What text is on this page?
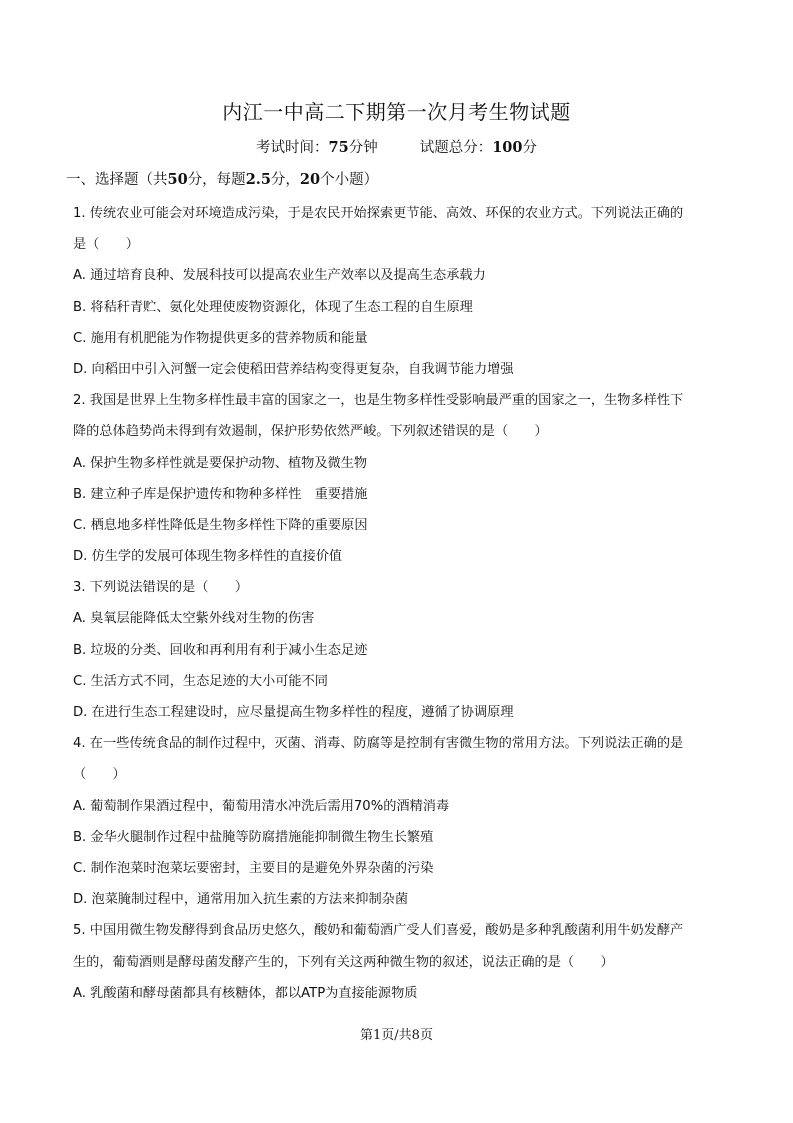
内江一中高二下期第一次月考生物试题
考试时间：75分钟	试题总分：100分
一、选择题（共50分，每题2.5分，20个小题）
1. 传统农业可能会对环境造成污染，于是农民开始探索更节能、高效、环保的农业方式。下列说法正确的
是（　　）
A. 通过培育良种、发展科技可以提高农业生产效率以及提高生态承载力
B. 将秸秆青贮、氨化处理使废物资源化，体现了生态工程的自生原理
C. 施用有机肥能为作物提供更多的营养物质和能量
D. 向稻田中引入河蟹一定会使稻田营养结构变得更复杂，自我调节能力增强
2. 我国是世界上生物多样性最丰富的国家之一，也是生物多样性受影响最严重的国家之一，生物多样性下
降的总体趋势尚未得到有效遏制，保护形势依然严峻。下列叙述错误的是（　　）
A. 保护生物多样性就是要保护动物、植物及微生物
B. 建立种子库是保护遗传和物种多样性　重要措施
C. 栖息地多样性降低是生物多样性下降的重要原因
D. 仿生学的发展可体现生物多样性的直接价值
3. 下列说法错误的是（　　）
A. 臭氧层能降低太空紫外线对生物的伤害
B. 垃圾的分类、回收和再利用有利于减小生态足迹
C. 生活方式不同，生态足迹的大小可能不同
D. 在进行生态工程建设时，应尽量提高生物多样性的程度，遵循了协调原理
4. 在一些传统食品的制作过程中，灭菌、消毒、防腐等是控制有害微生物的常用方法。下列说法正确的是
（　　）
A. 葡萄制作果酒过程中，葡萄用清水冲洗后需用70%的酒精消毒
B. 金华火腿制作过程中盐腌等防腐措施能抑制微生物生长繁殖
C. 制作泡菜时泡菜坛要密封，主要目的是避免外界杂菌的污染
D. 泡菜腌制过程中，通常用加入抗生素的方法来抑制杂菌
5. 中国用微生物发酵得到食品历史悠久，酸奶和葡萄酒广受人们喜爱，酸奶是多种乳酸菌利用牛奶发酵产
生的，葡萄酒则是酵母菌发酵产生的，下列有关这两种微生物的叙述，说法正确的是（　　）
A. 乳酸菌和酵母菌都具有核糖体，都以ATP为直接能源物质
第1页/共8页
